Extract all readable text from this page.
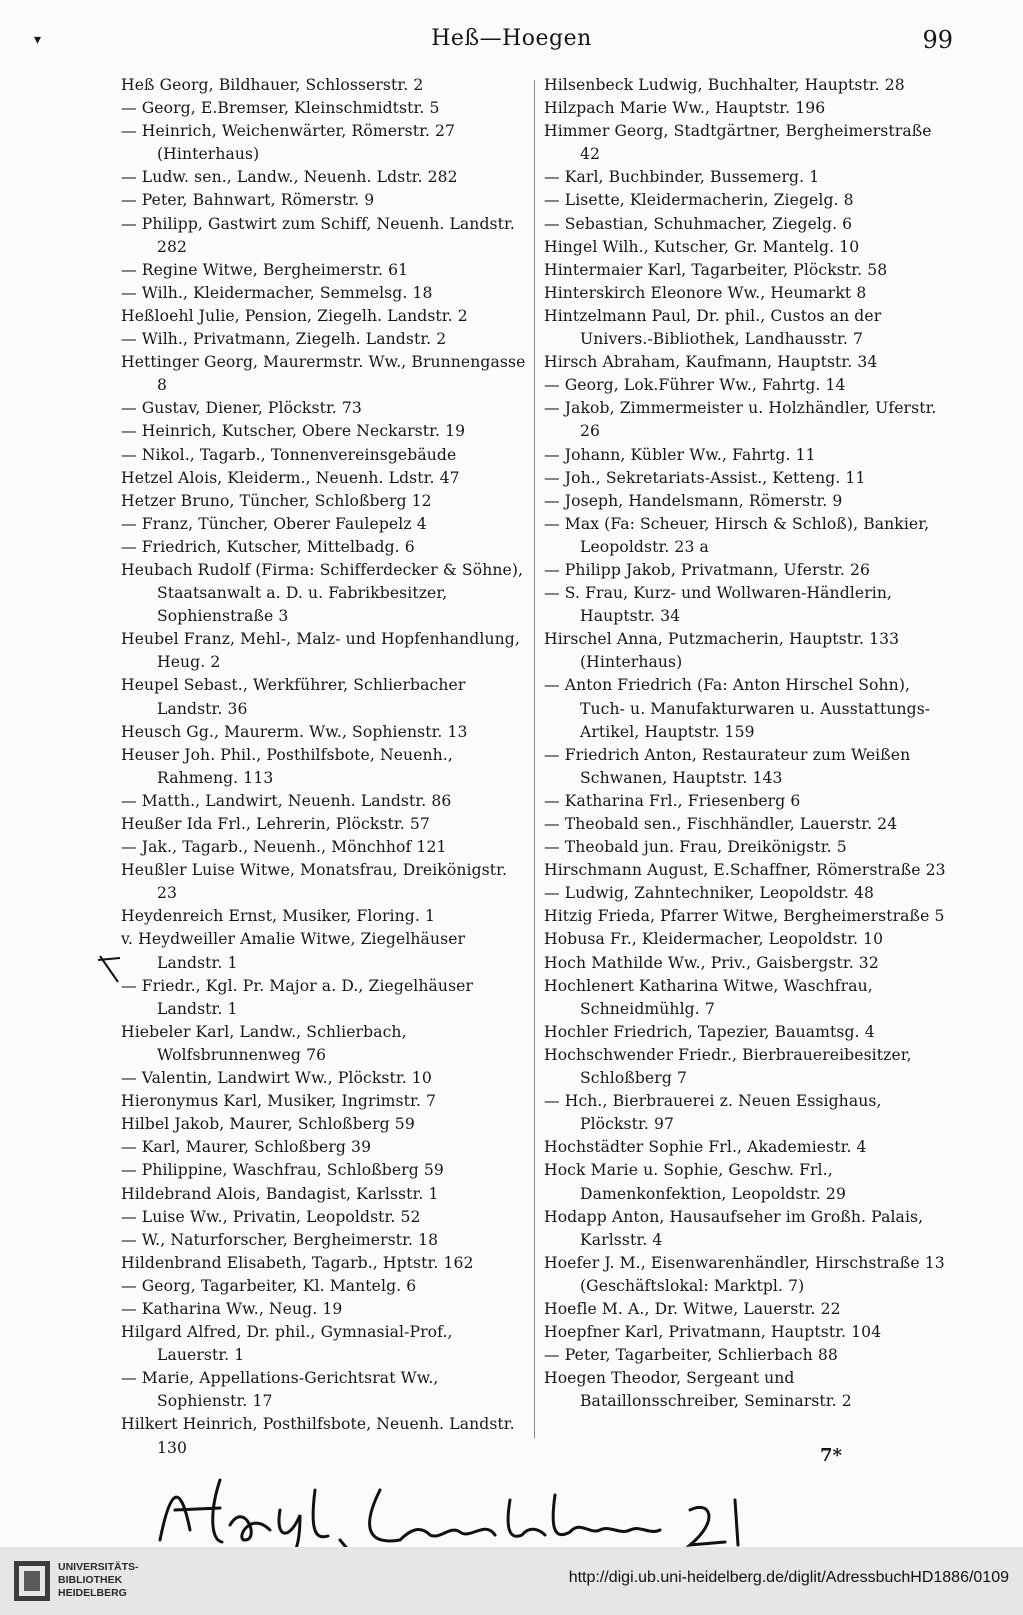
▾	Heß—Hoegen	99

Heß Georg, Bildhauer, Schlosserstr. 2

— Georg, E.Bremser, Kleinschmidtstr. 5

— Heinrich, Weichenwärter, Römerstr. 27 (Hinterhaus)

— Ludw. sen., Landw., Neuenh. Ldstr. 282

— Peter, Bahnwart, Römerstr. 9

— Philipp, Gastwirt zum Schiff, Neuenh. Landstr. 282

— Regine Witwe, Bergheimerstr. 61

— Wilh., Kleidermacher, Semmelsg. 18

Heßloehl Julie, Pension, Ziegelh. Landstr. 2

— Wilh., Privatmann, Ziegelh. Landstr. 2

Hettinger Georg, Maurermstr. Ww., Brunnengasse 8

— Gustav, Diener, Plöckstr. 73

— Heinrich, Kutscher, Obere Neckarstr. 19

— Nikol., Tagarb., Tonnenvereinsgebäude

Hetzel Alois, Kleiderm., Neuenh. Ldstr. 47

Hetzer Bruno, Tüncher, Schloßberg 12

— Franz, Tüncher, Oberer Faulepelz 4

— Friedrich, Kutscher, Mittelbadg. 6

Heubach Rudolf (Firma: Schifferdecker & Söhne), Staatsanwalt a. D. u. Fabrikbesitzer, Sophienstraße 3

Heubel Franz, Mehl-, Malz- und Hopfenhandlung, Heug. 2

Heupel Sebast., Werkführer, Schlierbacher Landstr. 36

Heusch Gg., Maurerm. Ww., Sophienstr. 13

Heuser Joh. Phil., Posthilfsbote, Neuenh., Rahmeng. 113

— Matth., Landwirt, Neuenh. Landstr. 86

Heußer Ida Frl., Lehrerin, Plöckstr. 57

— Jak., Tagarb., Neuenh., Mönchhof 121

Heußler Luise Witwe, Monatsfrau, Dreikönigstr. 23

Heydenreich Ernst, Musiker, Floring. 1

v. Heydweiller Amalie Witwe, Ziegelhäuser Landstr. 1

— Friedr., Kgl. Pr. Major a. D., Ziegelhäuser Landstr. 1

Hiebeler Karl, Landw., Schlierbach, Wolfsbrunnenweg 76

— Valentin, Landwirt Ww., Plöckstr. 10

Hieronymus Karl, Musiker, Ingrimstr. 7

Hilbel Jakob, Maurer, Schloßberg 59

— Karl, Maurer, Schloßberg 39

— Philippine, Waschfrau, Schloßberg 59

Hildebrand Alois, Bandagist, Karlsstr. 1

— Luise Ww., Privatin, Leopoldstr. 52

— W., Naturforscher, Bergheimerstr. 18

Hildenbrand Elisabeth, Tagarb., Hptstr. 162

— Georg, Tagarbeiter, Kl. Mantelg. 6

— Katharina Ww., Neug. 19

Hilgard Alfred, Dr. phil., Gymnasial-Prof., Lauerstr. 1

— Marie, Appellations-Gerichtsrat Ww., Sophienstr. 17

Hilkert Heinrich, Posthilfsbote, Neuenh. Landstr. 130

Hilsenbeck Ludwig, Buchhalter, Hauptstr. 28

Hilzpach Marie Ww., Hauptstr. 196

Himmer Georg, Stadtgärtner, Bergheimerstraße 42

— Karl, Buchbinder, Bussemerg. 1

— Lisette, Kleidermacherin, Ziegelg. 8

— Sebastian, Schuhmacher, Ziegelg. 6

Hingel Wilh., Kutscher, Gr. Mantelg. 10

Hintermaier Karl, Tagarbeiter, Plöckstr. 58

Hinterskirch Eleonore Ww., Heumarkt 8

Hintzelmann Paul, Dr. phil., Custos an der Univers.-Bibliothek, Landhausstr. 7

Hirsch Abraham, Kaufmann, Hauptstr. 34

— Georg, Lok.Führer Ww., Fahrtg. 14

— Jakob, Zimmermeister u. Holzhändler, Uferstr. 26

— Johann, Kübler Ww., Fahrtg. 11

— Joh., Sekretariats-Assist., Ketteng. 11

— Joseph, Handelsmann, Römerstr. 9

— Max (Fa: Scheuer, Hirsch & Schloß), Bankier, Leopoldstr. 23 a

— Philipp Jakob, Privatmann, Uferstr. 26

— S. Frau, Kurz- und Wollwaren-Händlerin, Hauptstr. 34

Hirschel Anna, Putzmacherin, Hauptstr. 133 (Hinterhaus)

— Anton Friedrich (Fa: Anton Hirschel Sohn), Tuch- u. Manufakturwaren u. Ausstattungs-Artikel, Hauptstr. 159

— Friedrich Anton, Restaurateur zum Weißen Schwanen, Hauptstr. 143

— Katharina Frl., Friesenberg 6

— Theobald sen., Fischhändler, Lauerstr. 24

— Theobald jun. Frau, Dreikönigstr. 5

Hirschmann August, E.Schaffner, Römerstraße 23

— Ludwig, Zahntechniker, Leopoldstr. 48

Hitzig Frieda, Pfarrer Witwe, Bergheimerstraße 5

Hobusa Fr., Kleidermacher, Leopoldstr. 10

Hoch Mathilde Ww., Priv., Gaisbergstr. 32

Hochlenert Katharina Witwe, Waschfrau, Schneidmühlg. 7

Hochler Friedrich, Tapezier, Bauamtsg. 4

Hochschwender Friedr., Bierbrauereibesitzer, Schloßberg 7

— Hch., Bierbrauerei z. Neuen Essighaus, Plöckstr. 97

Hochstädter Sophie Frl., Akademiestr. 4

Hock Marie u. Sophie, Geschw. Frl., Damenkonfektion, Leopoldstr. 29

Hodapp Anton, Hausaufseher im Großh. Palais, Karlsstr. 4

Hoefer J. M., Eisenwarenhändler, Hirschstraße 13 (Geschäftslokal: Marktpl. 7)

Hoefle M. A., Dr. Witwe, Lauerstr. 22

Hoepfner Karl, Privatmann, Hauptstr. 104

— Peter, Tagarbeiter, Schlierbach 88

Hoegen Theodor, Sergeant und Bataillonsschreiber, Seminarstr. 2

7*
UNIVERSITÄTS-
BIBLIOTHEK
HEIDELBERG
http://digi.ub.uni-heidelberg.de/diglit/AdressbuchHD1886/0109
